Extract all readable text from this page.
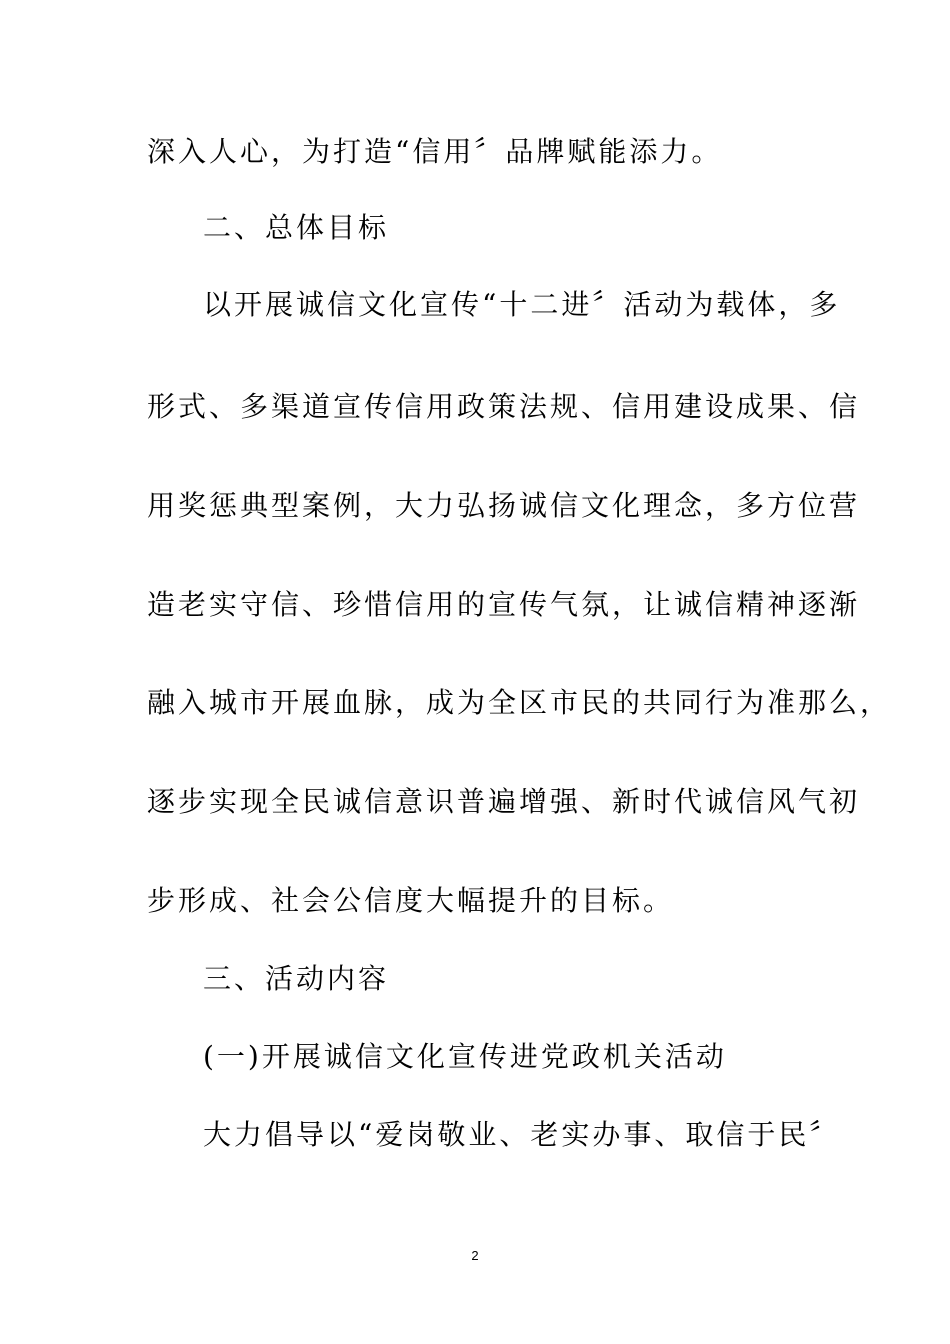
深入人心，为打造“信用〞品牌赋能添力。
二、总体目标
以开展诚信文化宣传“十二进〞活动为载体，多
形式、多渠道宣传信用政策法规、信用建设成果、信
用奖惩典型案例，大力弘扬诚信文化理念，多方位营
造老实守信、珍惜信用的宣传气氛，让诚信精神逐渐
融入城市开展血脉，成为全区市民的共同行为准那么，
逐步实现全民诚信意识普遍增强、新时代诚信风气初
步形成、社会公信度大幅提升的目标。
三、活动内容
(一)开展诚信文化宣传进党政机关活动
大力倡导以“爱岗敬业、老实办事、取信于民〞
2
